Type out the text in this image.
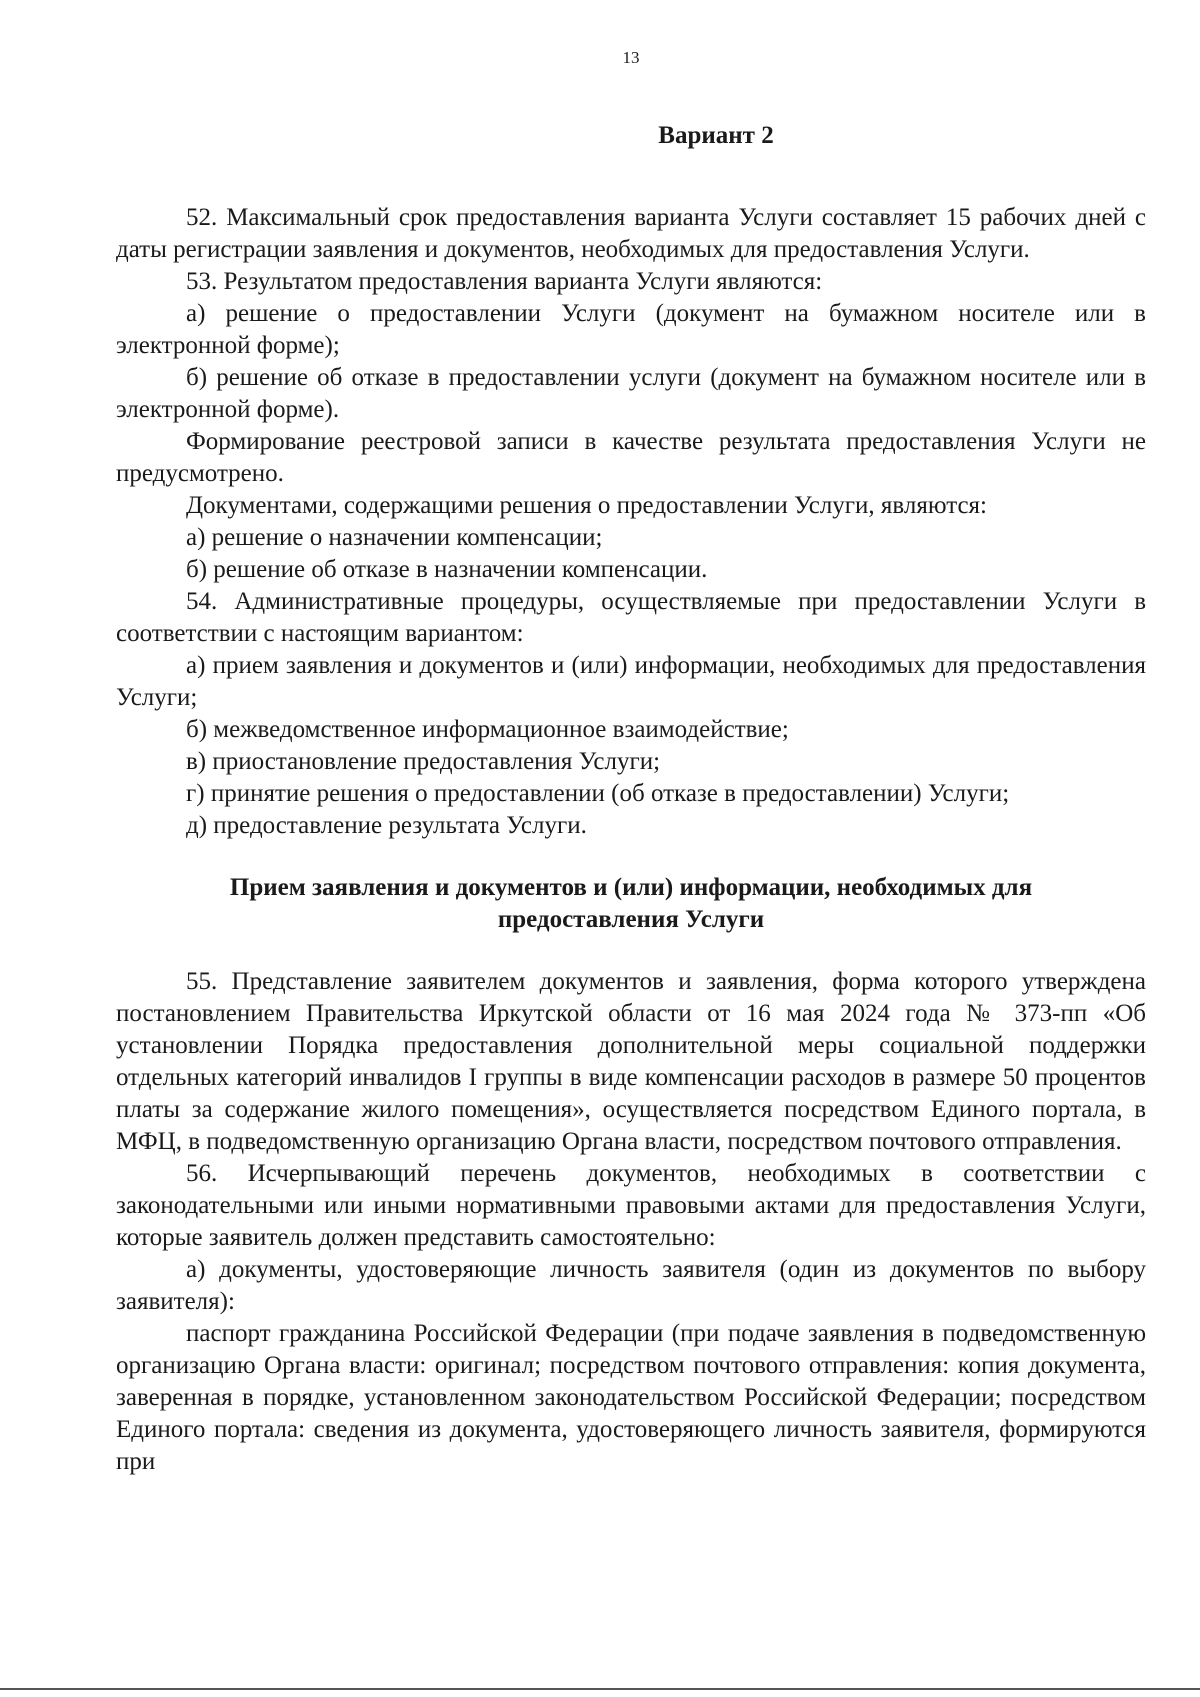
13
Вариант 2

52. Максимальный срок предоставления варианта Услуги составляет 15 рабочих дней с даты регистрации заявления и документов, необходимых для предоставления Услуги.

53. Результатом предоставления варианта Услуги являются:

а) решение о предоставлении Услуги (документ на бумажном носителе или в электронной форме);

б) решение об отказе в предоставлении услуги (документ на бумажном носителе или в электронной форме).

Формирование реестровой записи в качестве результата предоставления Услуги не предусмотрено.

Документами, содержащими решения о предоставлении Услуги, являются:

а) решение о назначении компенсации;

б) решение об отказе в назначении компенсации.

54. Административные процедуры, осуществляемые при предоставлении Услуги в соответствии с настоящим вариантом:

а) прием заявления и документов и (или) информации, необходимых для предоставления Услуги;

б) межведомственное информационное взаимодействие;

в) приостановление предоставления Услуги;

г) принятие решения о предоставлении (об отказе в предоставлении) Услуги;

д) предоставление результата Услуги.

Прием заявления и документов и (или) информации, необходимых для предоставления Услуги

55. Представление заявителем документов и заявления, форма которого утверждена постановлением Правительства Иркутской области от 16 мая 2024 года № 373-пп «Об установлении Порядка предоставления дополнительной меры социальной поддержки отдельных категорий инвалидов I группы в виде компенсации расходов в размере 50 процентов платы за содержание жилого помещения», осуществляется посредством Единого портала, в МФЦ, в подведомственную организацию Органа власти, посредством почтового отправления.

56. Исчерпывающий перечень документов, необходимых в соответствии с законодательными или иными нормативными правовыми актами для предоставления Услуги, которые заявитель должен представить самостоятельно:

а) документы, удостоверяющие личность заявителя (один из документов по выбору заявителя):

паспорт гражданина Российской Федерации (при подаче заявления в подведомственную организацию Органа власти: оригинал; посредством почтового отправления: копия документа, заверенная в порядке, установленном законодательством Российской Федерации; посредством Единого портала: сведения из документа, удостоверяющего личность заявителя, формируются при
